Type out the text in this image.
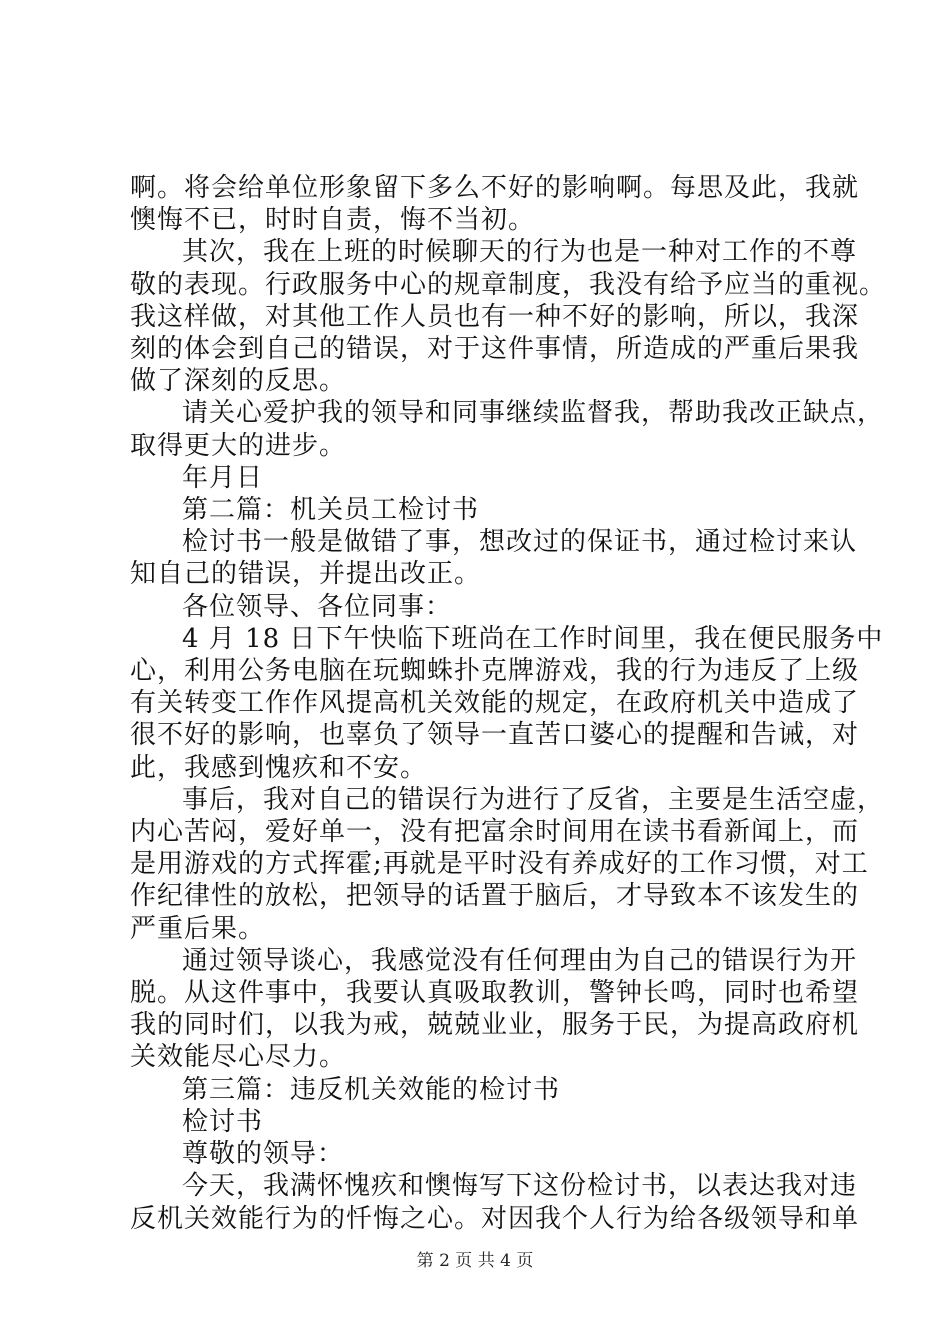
啊。将会给单位形象留下多么不好的影响啊。每思及此，我就

懊悔不已，时时自责，悔不当初。

其次，我在上班的时候聊天的行为也是一种对工作的不尊

敬的表现。行政服务中心的规章制度，我没有给予应当的重视。

我这样做，对其他工作人员也有一种不好的影响，所以，我深

刻的体会到自己的错误，对于这件事情，所造成的严重后果我

做了深刻的反思。

请关心爱护我的领导和同事继续监督我，帮助我改正缺点，

取得更大的进步。

年月日

第二篇：机关员工检讨书

检讨书一般是做错了事，想改过的保证书，通过检讨来认

知自己的错误，并提出改正。

各位领导、各位同事：

4 月 18 日下午快临下班尚在工作时间里，我在便民服务中

心，利用公务电脑在玩蜘蛛扑克牌游戏，我的行为违反了上级

有关转变工作作风提高机关效能的规定，在政府机关中造成了

很不好的影响，也辜负了领导一直苦口婆心的提醒和告诫，对

此，我感到愧疚和不安。

事后，我对自己的错误行为进行了反省，主要是生活空虚，

内心苦闷，爱好单一，没有把富余时间用在读书看新闻上，而

是用游戏的方式挥霍;再就是平时没有养成好的工作习惯，对工

作纪律性的放松，把领导的话置于脑后，才导致本不该发生的

严重后果。

通过领导谈心，我感觉没有任何理由为自己的错误行为开

脱。从这件事中，我要认真吸取教训，警钟长鸣，同时也希望

我的同时们，以我为戒，兢兢业业，服务于民，为提高政府机

关效能尽心尽力。

第三篇：违反机关效能的检讨书

检讨书

尊敬的领导：

今天，我满怀愧疚和懊悔写下这份检讨书，以表达我对违

反机关效能行为的忏悔之心。对因我个人行为给各级领导和单

第 2 页 共 4 页
